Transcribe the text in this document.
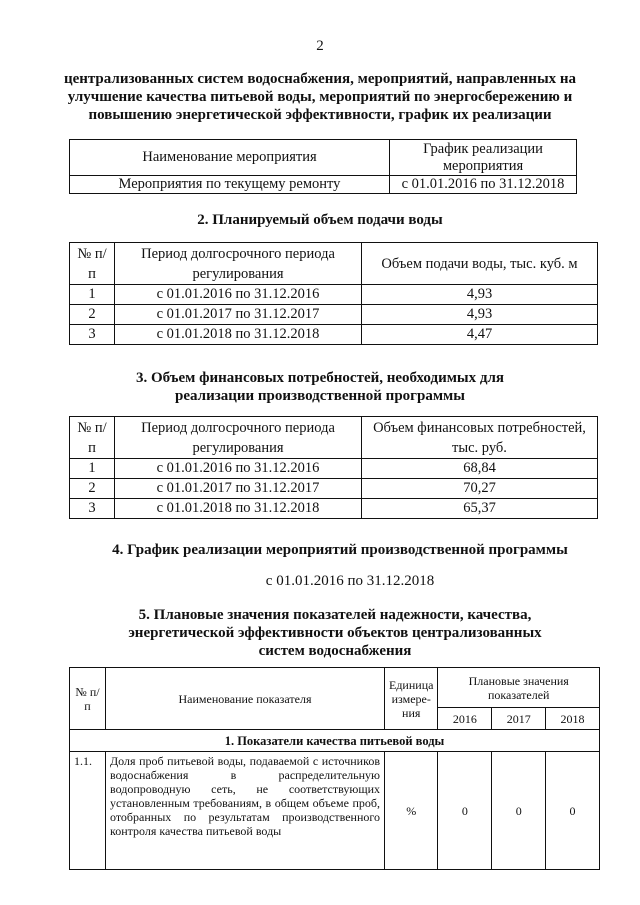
2
централизованных систем водоснабжения, мероприятий, направленных на
улучшение качества питьевой воды, мероприятий по энергосбережению и
повышению энергетической эффективности, график их реализации
Наименование мероприятия	График реализации мероприятия
Мероприятия по текущему ремонту	с 01.01.2016 по 31.12.2018
2. Планируемый объем подачи воды
№ п/п	Период долгосрочного периода регулирования	Объем подачи воды, тыс. куб. м
1	с 01.01.2016 по 31.12.2016	4,93
2	с 01.01.2017 по 31.12.2017	4,93
3	с 01.01.2018 по 31.12.2018	4,47
3. Объем финансовых потребностей, необходимых для
реализации производственной программы
№ п/п	Период долгосрочного периода регулирования	Объем финансовых потребностей, тыс. руб.
1	с 01.01.2016 по 31.12.2016	68,84
2	с 01.01.2017 по 31.12.2017	70,27
3	с 01.01.2018 по 31.12.2018	65,37
4. График реализации мероприятий производственной программы
с 01.01.2016 по 31.12.2018
5. Плановые значения показателей надежности, качества,
энергетической эффективности объектов централизованных
систем водоснабжения
№ п/п	Наименование показателя	Единица измере-ния	Плановые значения показателей		
			2016	2017	2018
1. Показатели качества питьевой воды					
1.1.	Доля проб питьевой воды, подаваемой с источников водоснабжения в распределительную водопроводную сеть, не соответствующих установленным требованиям, в общем объеме проб, отобранных по результатам производственного контроля качества питьевой воды	%	0	0	0
